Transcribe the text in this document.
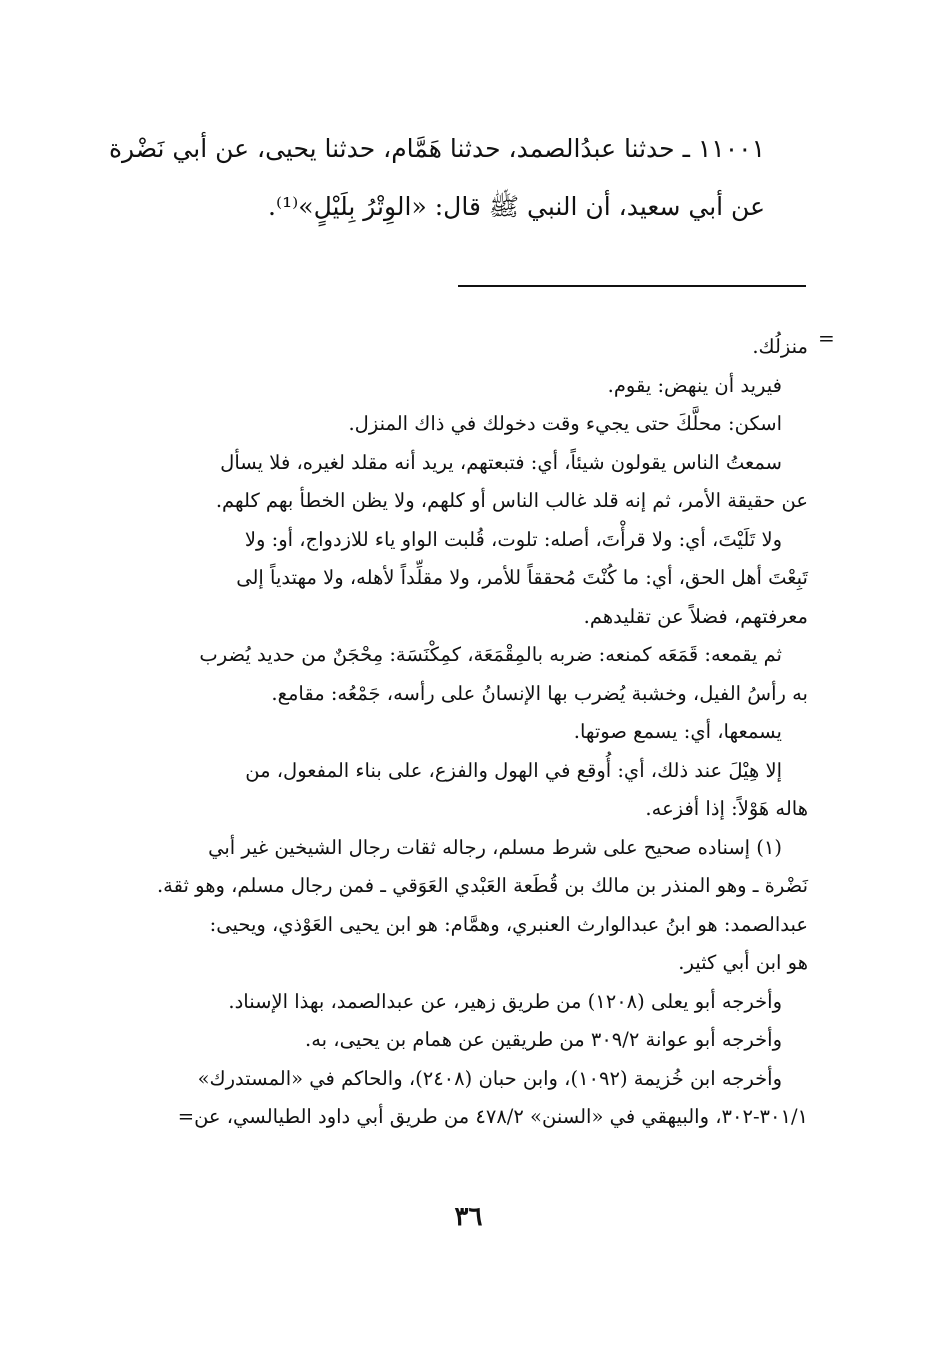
١١٠٠١ ـ حدثنا عبدُالصمد، حدثنا هَمَّام، حدثنا يحيى، عن أبي نَضْرة
عن أبي سعيد، أن النبي ﷺ قال: «الوِتْرُ بِلَيْلٍ»⁽¹⁾.
=

منزلُك.

فيريد أن ينهض: يقوم.

اسكن: محلَّكَ حتى يجيء وقت دخولك في ذاك المنزل.

سمعتُ الناس يقولون شيئاً، أي: فتبعتهم، يريد أنه مقلد لغيره، فلا يسأل
عن حقيقة الأمر، ثم إنه قلد غالب الناس أو كلهم، ولا يظن الخطأ بهم كلهم.

ولا تَلَيْتَ، أي: ولا قرأْتَ، أصله: تلوت، قُلبت الواو ياء للازدواج، أو: ولا
تَبِعْتَ أهل الحق، أي: ما كُنْتَ مُحققاً للأمر، ولا مقلِّداً لأهله، ولا مهتدياً إلى
معرفتهم، فضلاً عن تقليدهم.

ثم يقمعه: قَمَعَه كمنعه: ضربه بالمِقْمَعَة، كمِكْنَسَة: مِحْجَنٌ من حديد يُضرب
به رأسُ الفيل، وخشبة يُضرب بها الإنسانُ على رأسه، جَمْعُه: مقامع.

يسمعها، أي: يسمع صوتها.

إلا هِيْلَ عند ذلك، أي: أُوقع في الهول والفزع، على بناء المفعول، من
هاله هَوْلاً: إذا أفزعه.

(١) إسناده صحيح على شرط مسلم، رجاله ثقات رجال الشيخين غير أبي
نَضْرة ـ وهو المنذر بن مالك بن قُطَعة العَبْدي العَوَقي ـ فمن رجال مسلم، وهو ثقة.
عبدالصمد: هو ابنُ عبدالوارث العنبري، وهمَّام: هو ابن يحيى العَوْذي، ويحيى:
هو ابن أبي كثير.

وأخرجه أبو يعلى (١٢٠٨) من طريق زهير، عن عبدالصمد، بهذا الإسناد.

وأخرجه أبو عوانة ٣٠٩/٢ من طريقين عن همام بن يحيى، به.

وأخرجه ابن خُزيمة (١٠٩٢)، وابن حبان (٢٤٠٨)، والحاكم في «المستدرك»
٣٠١/١-٣٠٢، والبيهقي في «السنن» ٤٧٨/٢ من طريق أبي داود الطيالسي، عن=

٣٦
